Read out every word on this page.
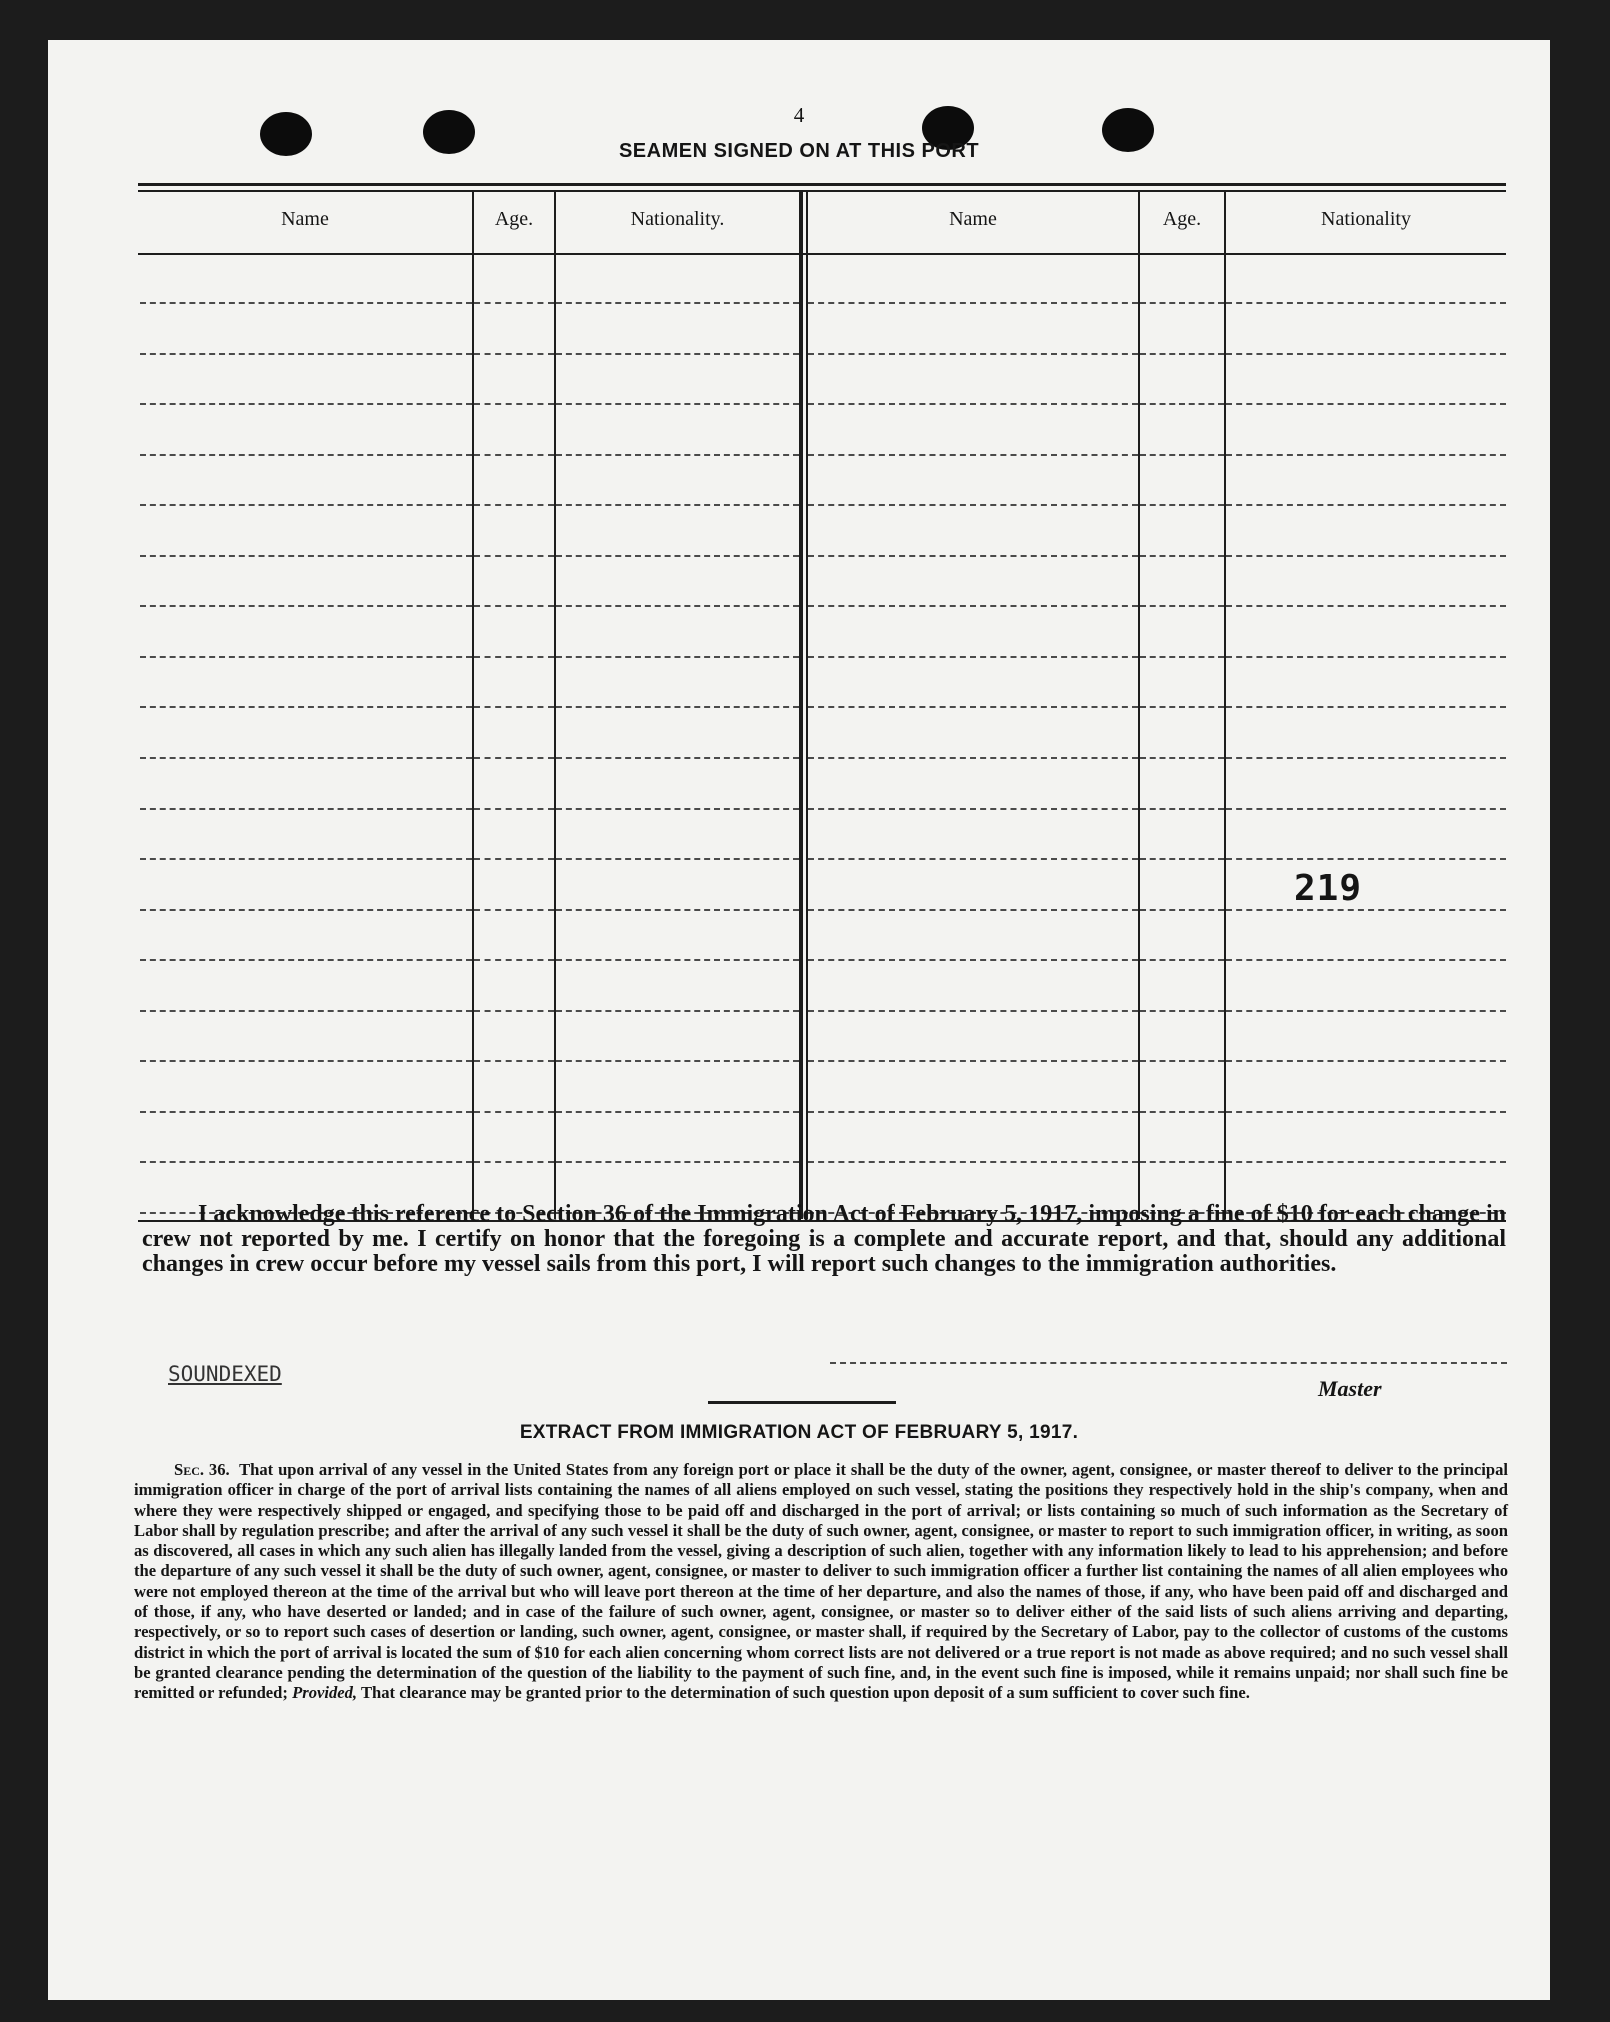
4
SEAMEN SIGNED ON AT THIS PORT
Name	Age.	Nationality.	Name	Age.	Nationality
219
I acknowledge this reference to Section 36 of the Immigration Act of February 5, 1917, imposing a fine of $10 for each change in crew not reported by me. I certify on honor that the foregoing is a complete and accurate report, and that, should any additional changes in crew occur before my vessel sails from this port, I will report such changes to the immigration authorities.
SOUNDEXED
Master
EXTRACT FROM IMMIGRATION ACT OF FEBRUARY 5, 1917.
Sec. 36. That upon arrival of any vessel in the United States from any foreign port or place it shall be the duty of the owner, agent, consignee, or master thereof to deliver to the principal immigration officer in charge of the port of arrival lists containing the names of all aliens employed on such vessel, stating the positions they respectively hold in the ship's company, when and where they were respectively shipped or engaged, and specifying those to be paid off and discharged in the port of arrival; or lists containing so much of such information as the Secretary of Labor shall by regulation prescribe; and after the arrival of any such vessel it shall be the duty of such owner, agent, consignee, or master to report to such immigration officer, in writing, as soon as discovered, all cases in which any such alien has illegally landed from the vessel, giving a description of such alien, together with any information likely to lead to his apprehension; and before the departure of any such vessel it shall be the duty of such owner, agent, consignee, or master to deliver to such immigration officer a further list containing the names of all alien employees who were not employed thereon at the time of the arrival but who will leave port thereon at the time of her departure, and also the names of those, if any, who have been paid off and discharged and of those, if any, who have deserted or landed; and in case of the failure of such owner, agent, consignee, or master so to deliver either of the said lists of such aliens arriving and departing, respectively, or so to report such cases of desertion or landing, such owner, agent, consignee, or master shall, if required by the Secretary of Labor, pay to the collector of customs of the customs district in which the port of arrival is located the sum of $10 for each alien concerning whom correct lists are not delivered or a true report is not made as above required; and no such vessel shall be granted clearance pending the determination of the question of the liability to the payment of such fine, and, in the event such fine is imposed, while it remains unpaid; nor shall such fine be remitted or refunded; Provided, That clearance may be granted prior to the determination of such question upon deposit of a sum sufficient to cover such fine.
